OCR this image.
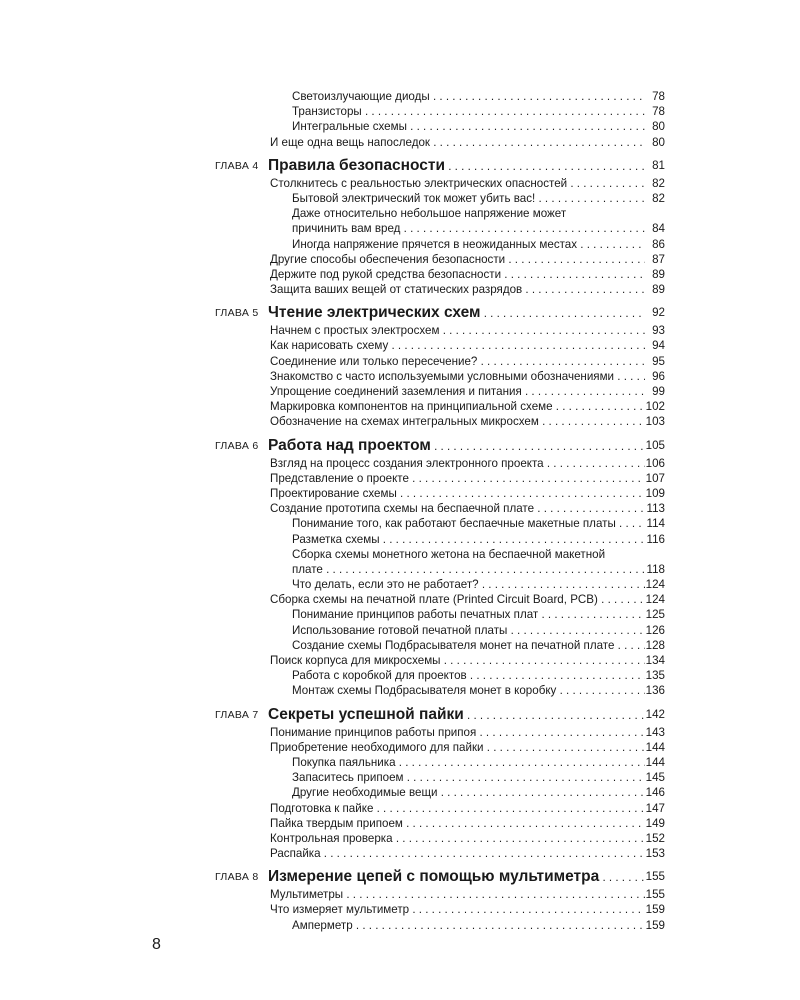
Светоизлучающие диоды . . .	78
Транзисторы . . .	78
Интегральные схемы . . .	80
И еще одна вещь напоследок . . .	80
ГЛАВА 4 Правила безопасности . . .	81
Столкнитесь с реальностью электрических опасностей . . .	82
Бытовой электрический ток может убить вас! . . .	82
Даже относительно небольшое напряжение может
причинить вам вред . . .	84
Иногда напряжение прячется в неожиданных местах . . .	86
Другие способы обеспечения безопасности . . .	87
Держите под рукой средства безопасности . . .	89
Защита ваших вещей от статических разрядов . . .	89
ГЛАВА 5 Чтение электрических схем . . .	92
Начнем с простых электросхем . . .	93
Как нарисовать схему . . .	94
Соединение или только пересечение? . . .	95
Знакомство с часто используемыми условными обозначениями . . .	96
Упрощение соединений заземления и питания . . .	99
Маркировка компонентов на принципиальной схеме . . .	102
Обозначение на схемах интегральных микросхем . . .	103
ГЛАВА 6 Работа над проектом . . .	105
Взгляд на процесс создания электронного проекта . . .	106
Представление о проекте . . .	107
Проектирование схемы . . .	109
Создание прототипа схемы на беспаечной плате . . .	113
Понимание того, как работают беспаечные макетные платы . . .	114
Разметка схемы . . .	116
Сборка схемы монетного жетона на беспаечной макетной
плате . . .	118
Что делать, если это не работает? . . .	124
Сборка схемы на печатной плате (Printed Circuit Board, PCB) . . .	124
Понимание принципов работы печатных плат . . .	125
Использование готовой печатной платы . . .	126
Создание схемы Подбрасывателя монет на печатной плате . . .	128
Поиск корпуса для микросхемы . . .	134
Работа с коробкой для проектов . . .	135
Монтаж схемы Подбрасывателя монет в коробку . . .	136
ГЛАВА 7 Секреты успешной пайки . . .	142
Понимание принципов работы припоя . . .	143
Приобретение необходимого для пайки . . .	144
Покупка паяльника . . .	144
Запаситесь припоем . . .	145
Другие необходимые вещи . . .	146
Подготовка к пайке . . .	147
Пайка твердым припоем . . .	149
Контрольная проверка . . .	152
Распайка . . .	153
ГЛАВА 8 Измерение цепей с помощью мультиметра . . .	155
Мультиметры . . .	155
Что измеряет мультиметр . . .	159
Амперметр . . .	159
8
